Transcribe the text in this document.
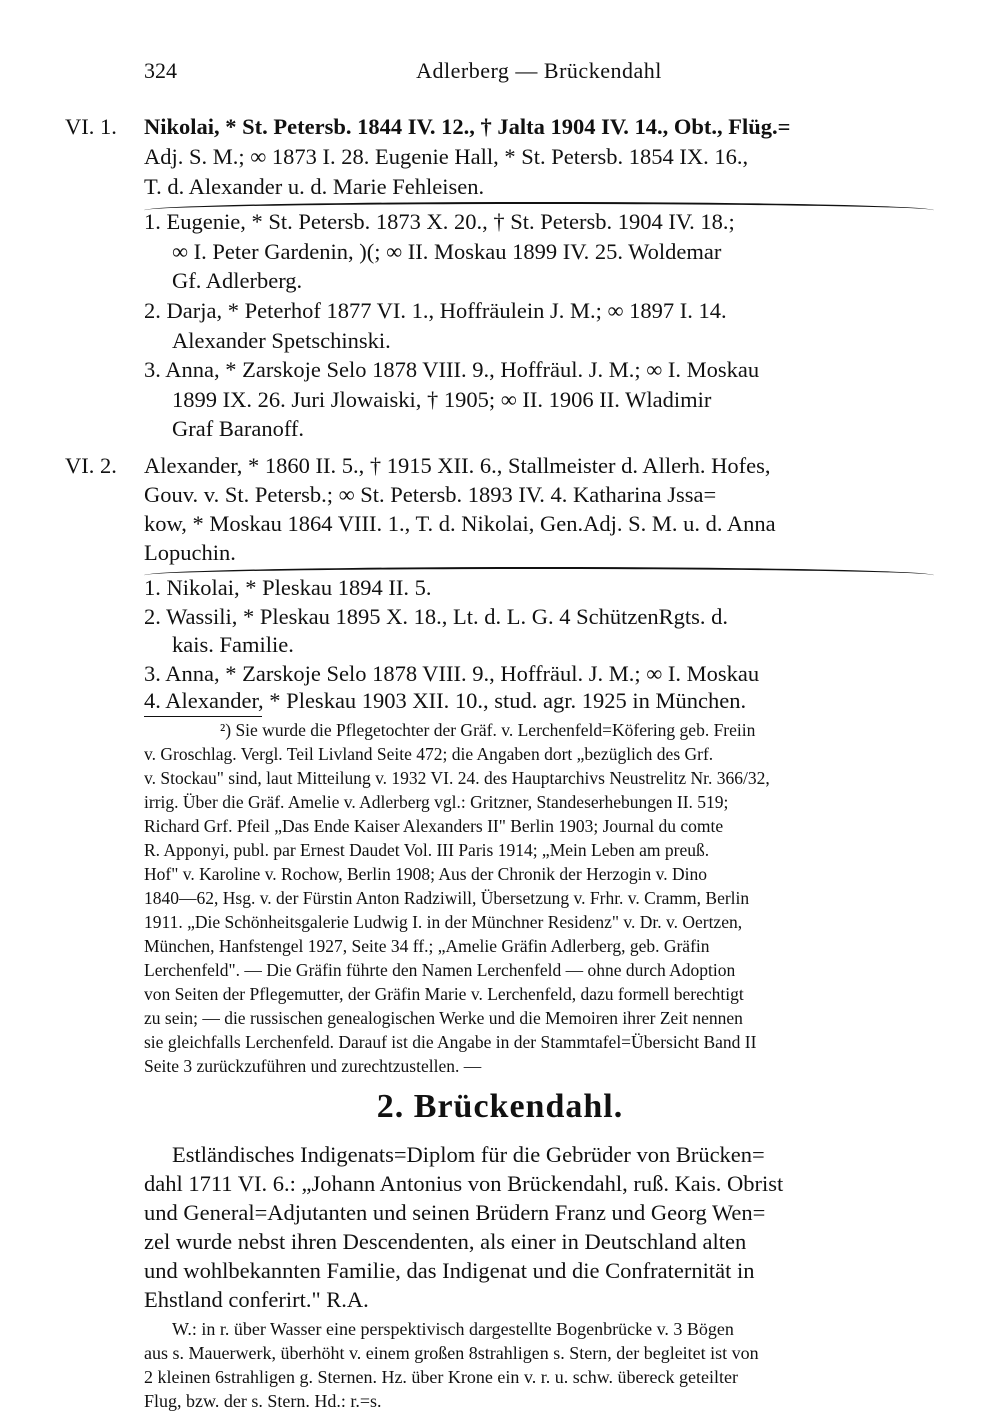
324	Adlerberg — Brückendahl
VI. 1. Nikolai, * St. Petersb. 1844 IV. 12., † Jalta 1904 IV. 14., Obt., Flüg.=
Adj. S. M.; ∞ 1873 I. 28. Eugenie Hall, * St. Petersb. 1854 IX. 16.,
T. d. Alexander u. d. Marie Fehleisen.
1. Eugenie, * St. Petersb. 1873 X. 20., † St. Petersb. 1904 IV. 18.;
∞ I. Peter Gardenin, )(; ∞ II. Moskau 1899 IV. 25. Woldemar
Gf. Adlerberg.
2. Darja, * Peterhof 1877 VI. 1., Hoffräulein J. M.; ∞ 1897 I. 14.
Alexander Spetschinski.
3. Anna, * Zarskoje Selo 1878 VIII. 9., Hoffräul. J. M.; ∞ I. Moskau
1899 IX. 26. Juri Jlowaiski, † 1905; ∞ II. 1906 II. Wladimir
Graf Baranoff.
VI. 2. Alexander, * 1860 II. 5., † 1915 XII. 6., Stallmeister d. Allerh. Hofes,
Gouv. v. St. Petersb.; ∞ St. Petersb. 1893 IV. 4. Katharina Jssa=
kow, * Moskau 1864 VIII. 1., T. d. Nikolai, Gen.Adj. S. M. u. d. Anna
Lopuchin.
1. Nikolai, * Pleskau 1894 II. 5.
2. Wassili, * Pleskau 1895 X. 18., Lt. d. L. G. 4 SchützenRgts. d.
kais. Familie.
3. Anna, * Zarskoje Selo 1878 VIII. 9., Hoffräul. J. M.; ∞ I. Moskau
4. Alexander, * Pleskau 1903 XII. 10., stud. agr. 1925 in München.
²) Sie wurde die Pflegetochter der Gräf. v. Lerchenfeld=Köfering geb. Freiin
v. Groschlag. Vergl. Teil Livland Seite 472; die Angaben dort „bezüglich des Grf.
v. Stockau" sind, laut Mitteilung v. 1932 VI. 24. des Hauptarchivs Neustrelitz Nr. 366/32,
irrig. Über die Gräf. Amelie v. Adlerberg vgl.: Gritzner, Standeserhebungen II. 519;
Richard Grf. Pfeil „Das Ende Kaiser Alexanders II" Berlin 1903; Journal du comte
R. Apponyi, publ. par Ernest Daudet Vol. III Paris 1914; „Mein Leben am preuß.
Hof" v. Karoline v. Rochow, Berlin 1908; Aus der Chronik der Herzogin v. Dino
1840—62, Hsg. v. der Fürstin Anton Radziwill, Übersetzung v. Frhr. v. Cramm, Berlin
1911. „Die Schönheitsgalerie Ludwig I. in der Münchner Residenz" v. Dr. v. Oertzen,
München, Hanfstengel 1927, Seite 34 ff.; „Amelie Gräfin Adlerberg, geb. Gräfin
Lerchenfeld". — Die Gräfin führte den Namen Lerchenfeld — ohne durch Adoption
von Seiten der Pflegemutter, der Gräfin Marie v. Lerchenfeld, dazu formell berechtigt
zu sein; — die russischen genealogischen Werke und die Memoiren ihrer Zeit nennen
sie gleichfalls Lerchenfeld. Darauf ist die Angabe in der Stammtafel=Übersicht Band II
Seite 3 zurückzuführen und zurechtzustellen. —
2. Brückendahl.
Estländisches Indigenats=Diplom für die Gebrüder von Brücken=
dahl 1711 VI. 6.: „Johann Antonius von Brückendahl, ruß. Kais. Obrist
und General=Adjutanten und seinen Brüdern Franz und Georg Wen=
zel wurde nebst ihren Descendenten, als einer in Deutschland alten
und wohlbekannten Familie, das Indigenat und die Confraternität in
Ehstland conferirt." R.A.
W.: in r. über Wasser eine perspektivisch dargestellte Bogenbrücke v. 3 Bögen
aus s. Mauerwerk, überhöht v. einem großen 8strahligen s. Stern, der begleitet ist von
2 kleinen 6strahligen g. Sternen. Hz. über Krone ein v. r. u. schw. übereck geteilter
Flug, bzw. der s. Stern. Hd.: r.=s.
